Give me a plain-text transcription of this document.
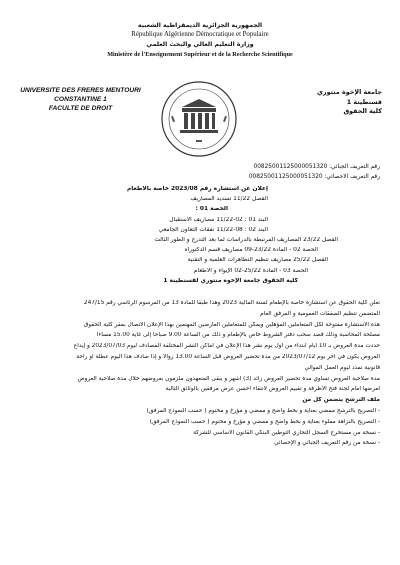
الجمهورية الجزائرية الديمقراطية الشعبية
République Algérienne Démocratique et Populaire
وزارة التعليم العالي والبحث العلمي
Ministère de l'Enseignement Supérieur et de la Recherche Scientifique
UNIVERSITE DES FRERES MENTOURI
CONSTANTINE 1
FACULTE DE DROIT
جامعة الإخوة منتوري
قسنطينة 1
كلية الحقوق
رقم التعريف الجبائي: 00825001125000051320
رقم التعريف الاحصائي: 00825001125000051320
إعلان عن استشارة رقم 2023/08 خاصة بالاطعام
الفصل 11/22 تسديد المصاريف
الحصة 01 :
البند 01 : 02-11/22 مصاريف الاستقبال
البند 02 : 08-11/22 نفقات التعاون الجامعي
الفصل 23/22 المصاريف المرتبطة بالدراسات لما بعد التدرج و الطور الثالث
الحصة 02 - المادة 23/22-09 مصاريف قسم الدكتوراه
الفصل 25/22 مصاريف تنظيم التظاهرات العلمية و التقنية
الحصة 03 - المادة 25/22-02 الإيواء و الاطعام
كلية الحقوق جامعة الإخوة منتوري لقسنطينة 1
تعلن كلية الحقوق عن استشارة خاصة بالإطعام لسنة المالية 2023 وهذا طبقا للمادة 13 من المرسوم الرئاسي رقم 247/15
المتضمن تنظيم الصفقات العمومية و المرفق العام
هذه الاستشارة مفتوحة لكل المتعاملين المؤهلين ويمكن للمتعاملين العارضين المهتمين بهذا الإعلان الاتصال بمقر كلية الحقوق
مصلحة المحاسبة وذلك قصد سحب دفتر الشروط خاص بالإطعام و ذلك من الساعة 9.00 صباحا إلى غاية 15.00 مساءا
حددت مدة العروض بـ 10 أيام ابتداء من أول يوم نشر هذا الإعلان في أماكن النشر المختلفة المصادف ليوم 2023/07/03 و إيداع
العروض يكون في آخر يوم 2023/07/12 من مدة تحضير العروض قبل الساعة 13.00 زوالا و إذا صادف هذا اليوم عطلة أو راحة
قانونية تمدد ليوم العمل الموالي
مدة صلاحية العروض تساوي مدة تحضير العروض زائد (3) أشهر و يبقى المتعهدون ملزمون بعروضهم خلال مدة صلاحية العروض
لعرضها أمام لجنة فتح الأظرفة و تقييم العروض لانتقاء أحسن عرض مرفقين بالوثائق التالية
ملف الترشح يتضمن كل من
- التصريح بالترشح ممضي بعناية و بخط واضح و ممضي و مؤرخ و مختوم ( حسب النموذج المرفق)
- التصريح بالنزاهة مملوء بعناية و بخط واضح و ممضي و مؤرخ و مختوم ( حسب النموذج المرفق)
- نسخة من مستخرج السجل التجاري التوطين البنكي القانون الأساسي للشركة
- نسخة من رقم التعريف الجبائي و الإحصائي
